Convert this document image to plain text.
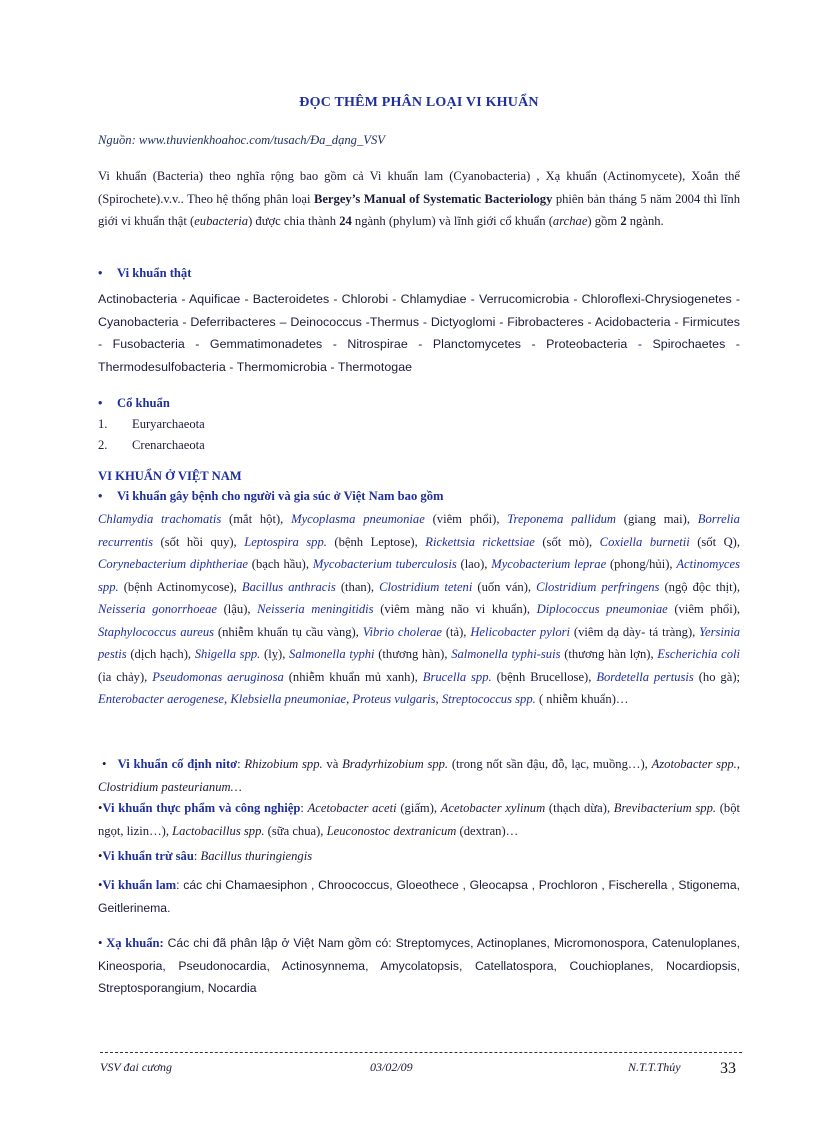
ĐỌC THÊM PHÂN LOẠI VI KHUẨN
Nguồn: www.thuvienkhoahoc.com/tusach/Đa_dạng_VSV
Vi khuẩn (Bacteria) theo nghĩa rộng bao gồm cả Vi khuẩn lam (Cyanobacteria) , Xạ khuẩn (Actinomycete), Xoắn thể (Spirochete).v.v.. Theo hệ thống phân loại Bergey’s Manual of Systematic Bacteriology phiên bản tháng 5 năm 2004 thì lĩnh giới vi khuẩn thật (eubacteria) được chia thành 24 ngành (phylum) và lĩnh giới cổ khuẩn (archae) gồm 2 ngành.
• Vi khuẩn thật
Actinobacteria - Aquificae - Bacteroidetes - Chlorobi - Chlamydiae - Verrucomicrobia - Chloroflexi-Chrysiogenetes - Cyanobacteria - Deferribacteres – Deinococcus -Thermus - Dictyoglomi - Fibrobacteres - Acidobacteria - Firmicutes - Fusobacteria - Gemmatimonadetes - Nitrospirae - Planctomycetes - Proteobacteria - Spirochaetes - Thermodesulfobacteria - Thermomicrobia - Thermotogae
• Cổ khuẩn
1. Euryarchaeota
2. Crenarchaeota
VI KHUẨN Ở VIỆT NAM
• Vi khuẩn gây bệnh cho người và gia súc ở Việt Nam bao gồm
Chlamydia trachomatis (mắt hột), Mycoplasma pneumoniae (viêm phổi), Treponema pallidum (giang mai), Borrelia recurrentis (sốt hồi quy), Leptospira spp. (bệnh Leptose), Rickettsia rickettsiae (sốt mò), Coxiella burnetii (sốt Q), Corynebacterium diphtheriae (bạch hầu), Mycobacterium tuberculosis (lao), Mycobacterium leprae (phong/hủi), Actinomyces spp. (bệnh Actinomycose), Bacillus anthracis (than), Clostridium teteni (uốn ván), Clostridium perfringens (ngộ độc thịt), Neisseria gonorrhoeae (lậu), Neisseria meningitidis (viêm màng não vi khuẩn), Diplococcus pneumoniae (viêm phổi), Staphylococcus aureus (nhiễm khuẩn tụ cầu vàng), Vibrio cholerae (tả), Helicobacter pylori (viêm dạ dày- tá tràng), Yersinia pestis (dịch hạch), Shigella spp. (lỵ), Salmonella typhi (thương hàn), Salmonella typhi-suis (thương hàn lợn), Escherichia coli (ỉa chảy), Pseudomonas aeruginosa (nhiễm khuẩn mủ xanh), Brucella spp. (bệnh Brucellose), Bordetella pertusis (ho gà); Enterobacter aerogenese, Klebsiella pneumoniae, Proteus vulgaris, Streptococcus spp. ( nhiễm khuẩn)…
•   Vi khuẩn cố định nitơ: Rhizobium spp. và Bradyrhizobium spp. (trong nốt sần đậu, đỗ, lạc, muồng…), Azotobacter spp., Clostridium pasteurianum…
•Vi khuẩn thực phẩm và công nghiệp: Acetobacter aceti (giấm), Acetobacter xylinum (thạch dừa), Brevibacterium spp. (bột ngọt, lizin…), Lactobacillus spp. (sữa chua), Leuconostoc dextranicum (dextran)…
•Vi khuẩn trừ sâu: Bacillus thuringiengis
•Vi khuẩn lam: các chi Chamaesiphon , Chroococcus, Gloeothece , Gleocapsa , Prochloron , Fischerella , Stigonema, Geitlerinema.
• Xạ khuẩn: Các chi đã phân lập ở Việt Nam gồm có: Streptomyces, Actinoplanes, Micromonospora, Catenuloplanes, Kineosporia, Pseudonocardia, Actinosynnema, Amycolatopsis, Catellatospora, Couchioplanes, Nocardiopsis, Streptosporangium, Nocardia
VSV đai cương	03/02/09	N.T.T.Thủy 33
